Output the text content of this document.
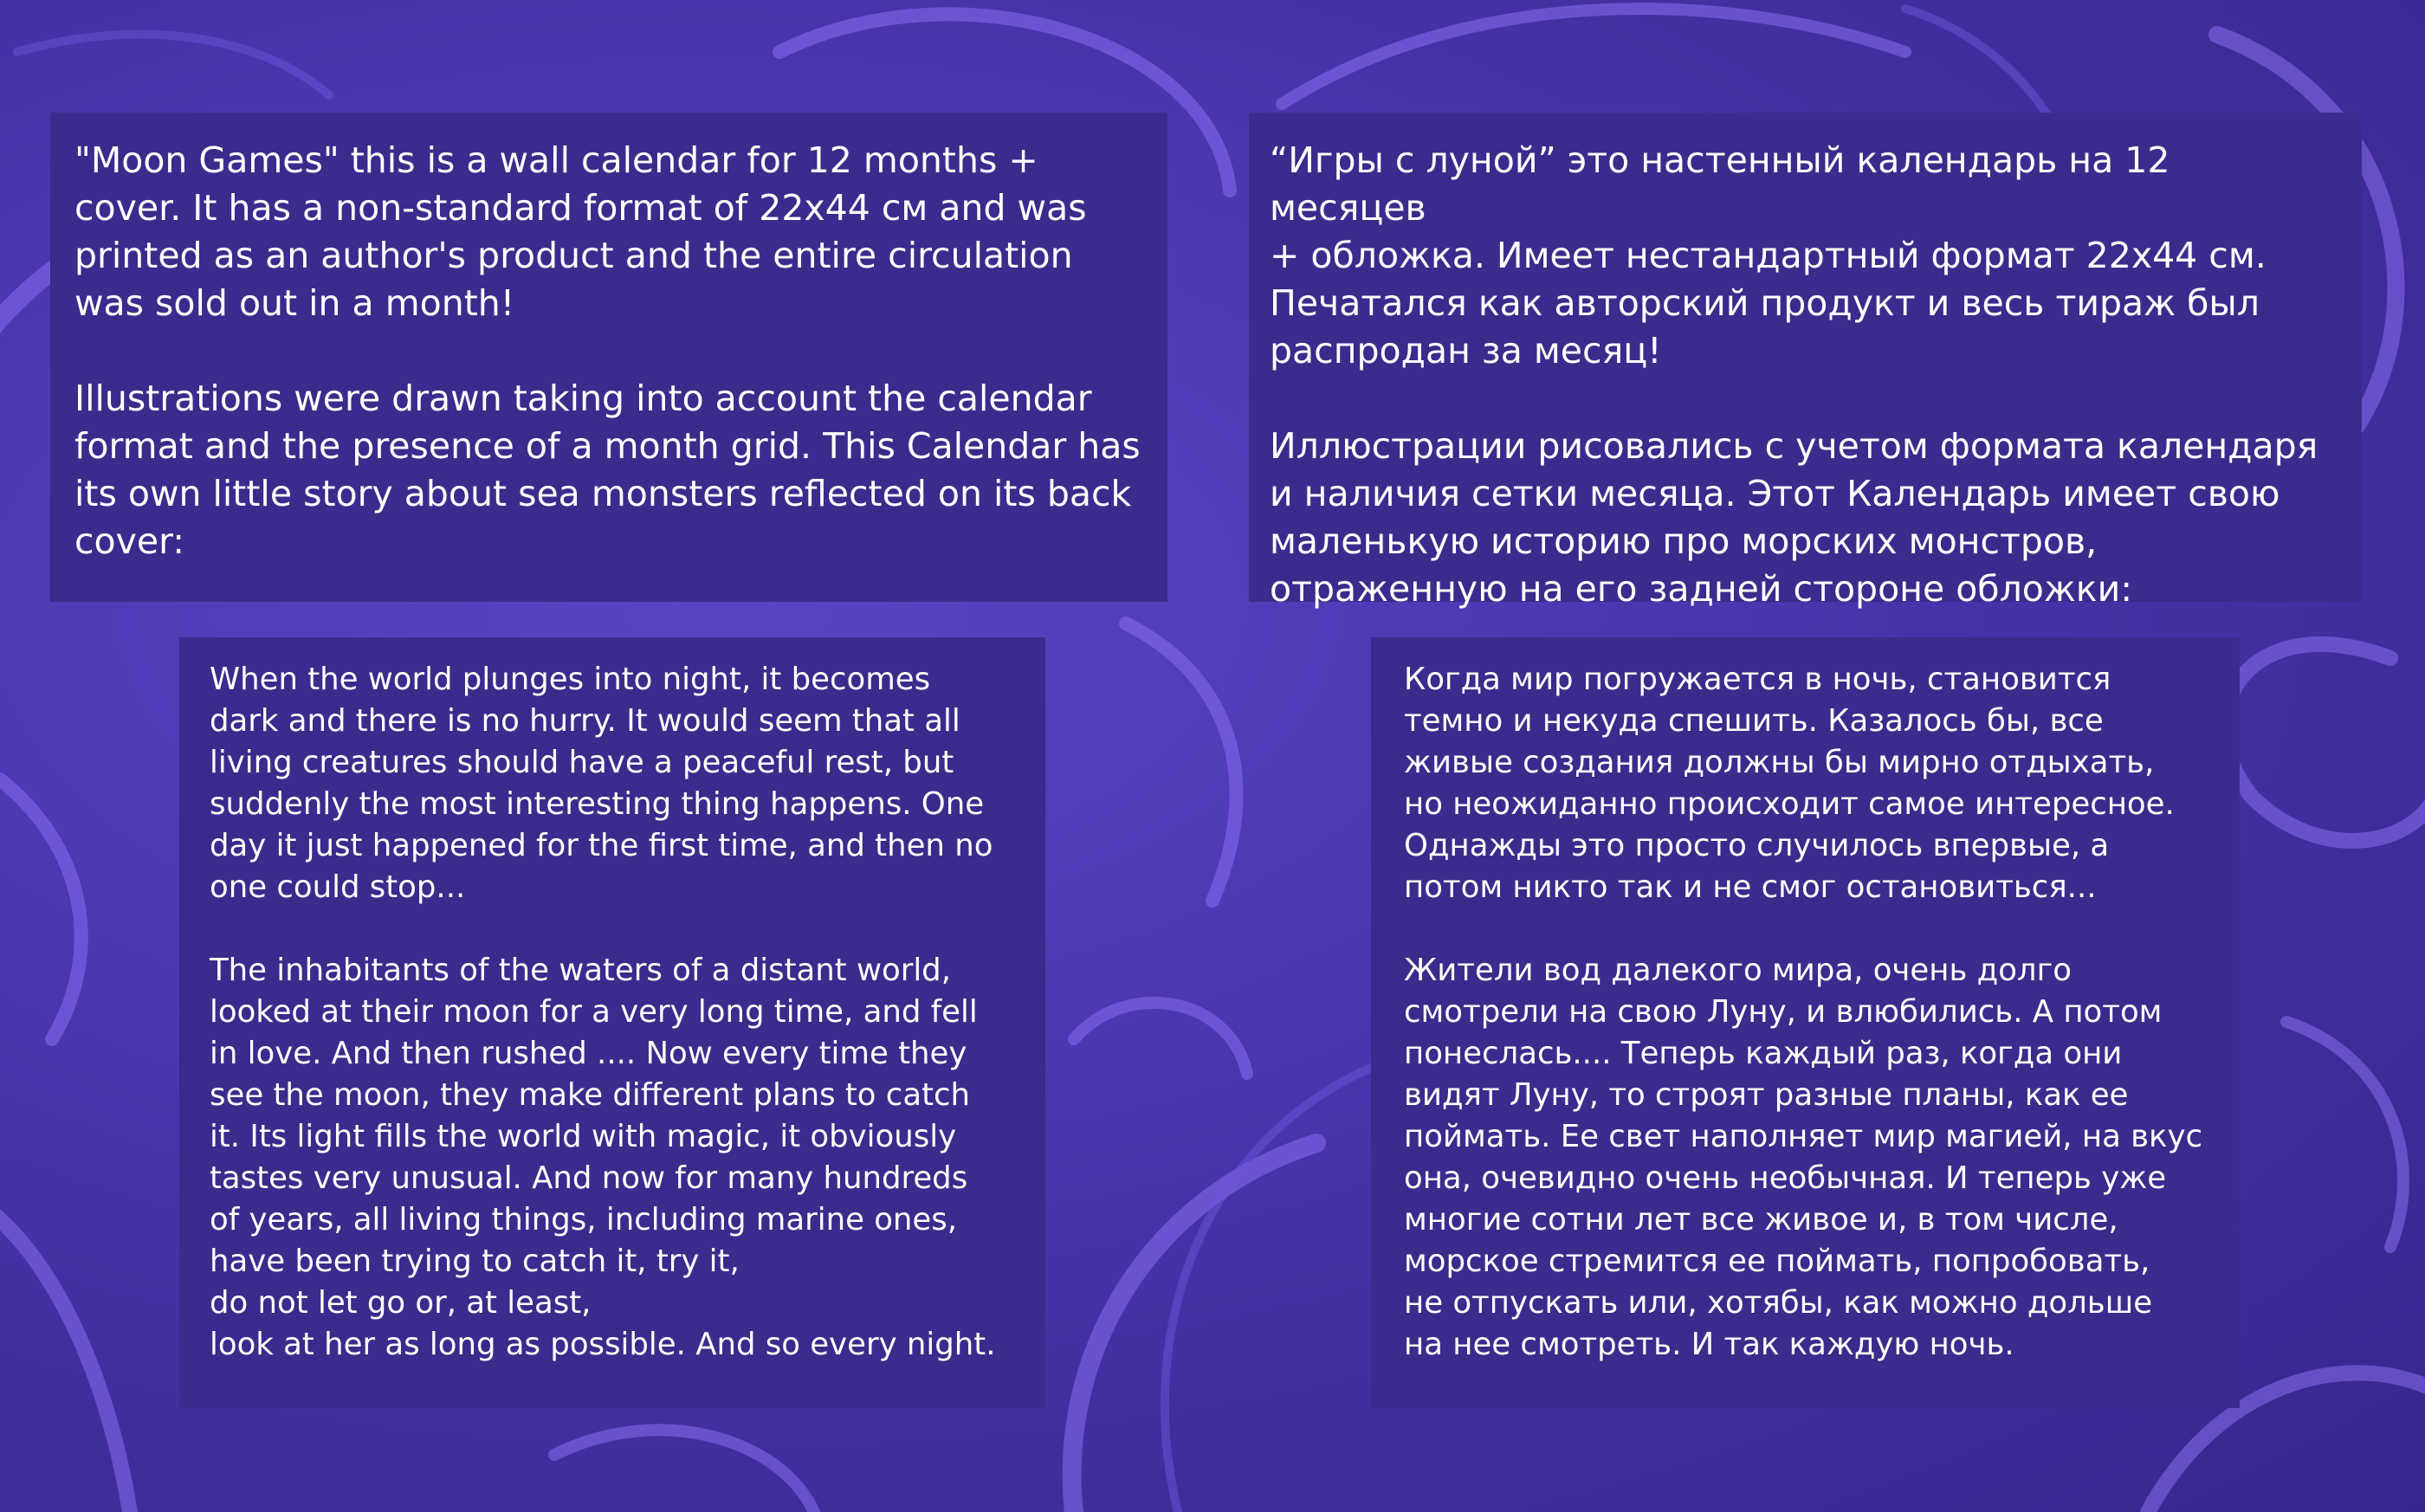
"Moon Games" this is a wall calendar for 12 months +
cover. It has a non-standard format of 22x44 см and was
printed as an author's product and the entire circulation
was sold out in a month!

Illustrations were drawn taking into account the calendar
format and the presence of a month grid. This Calendar has
its own little story about sea monsters reflected on its back
cover:

“Игры с луной” это настенный календарь на 12 месяцев
+ обложка. Имеет нестандартный формат 22x44 см.
Печатался как авторский продукт и весь тираж был
распродан за месяц!

Иллюстрации рисовались с учетом формата календаря
и наличия сетки месяца. Этот Календарь имеет свою
маленькую историю про морских монстров,
отраженную на его задней стороне обложки:

When the world plunges into night, it becomes
dark and there is no hurry. It would seem that all
living creatures should have a peaceful rest, but
suddenly the most interesting thing happens. One
day it just happened for the first time, and then no
one could stop...

The inhabitants of the waters of a distant world,
looked at their moon for a very long time, and fell
in love. And then rushed .... Now every time they
see the moon, they make different plans to catch
it. Its light fills the world with magic, it obviously
tastes very unusual. And now for many hundreds
of years, all living things, including marine ones,
have been trying to catch it, try it,
do not let go or, at least,
look at her as long as possible. And so every night.

Когда мир погружается в ночь, становится
темно и некуда спешить. Казалось бы, все
живые создания должны бы мирно отдыхать,
но неожиданно происходит самое интересное.
Однажды это просто случилось впервые, а
потом никто так и не смог остановиться...

Жители вод далекого мира, очень долго
смотрели на свою Луну, и влюбились. А потом
понеслась.... Теперь каждый раз, когда они
видят Луну, то строят разные планы, как ее
поймать. Ее свет наполняет мир магией, на вкус
она, очевидно очень необычная. И теперь уже
многие сотни лет все живое и, в том числе,
морское стремится ее поймать, попробовать,
не отпускать или, хотябы, как можно дольше
на нее смотреть. И так каждую ночь.
